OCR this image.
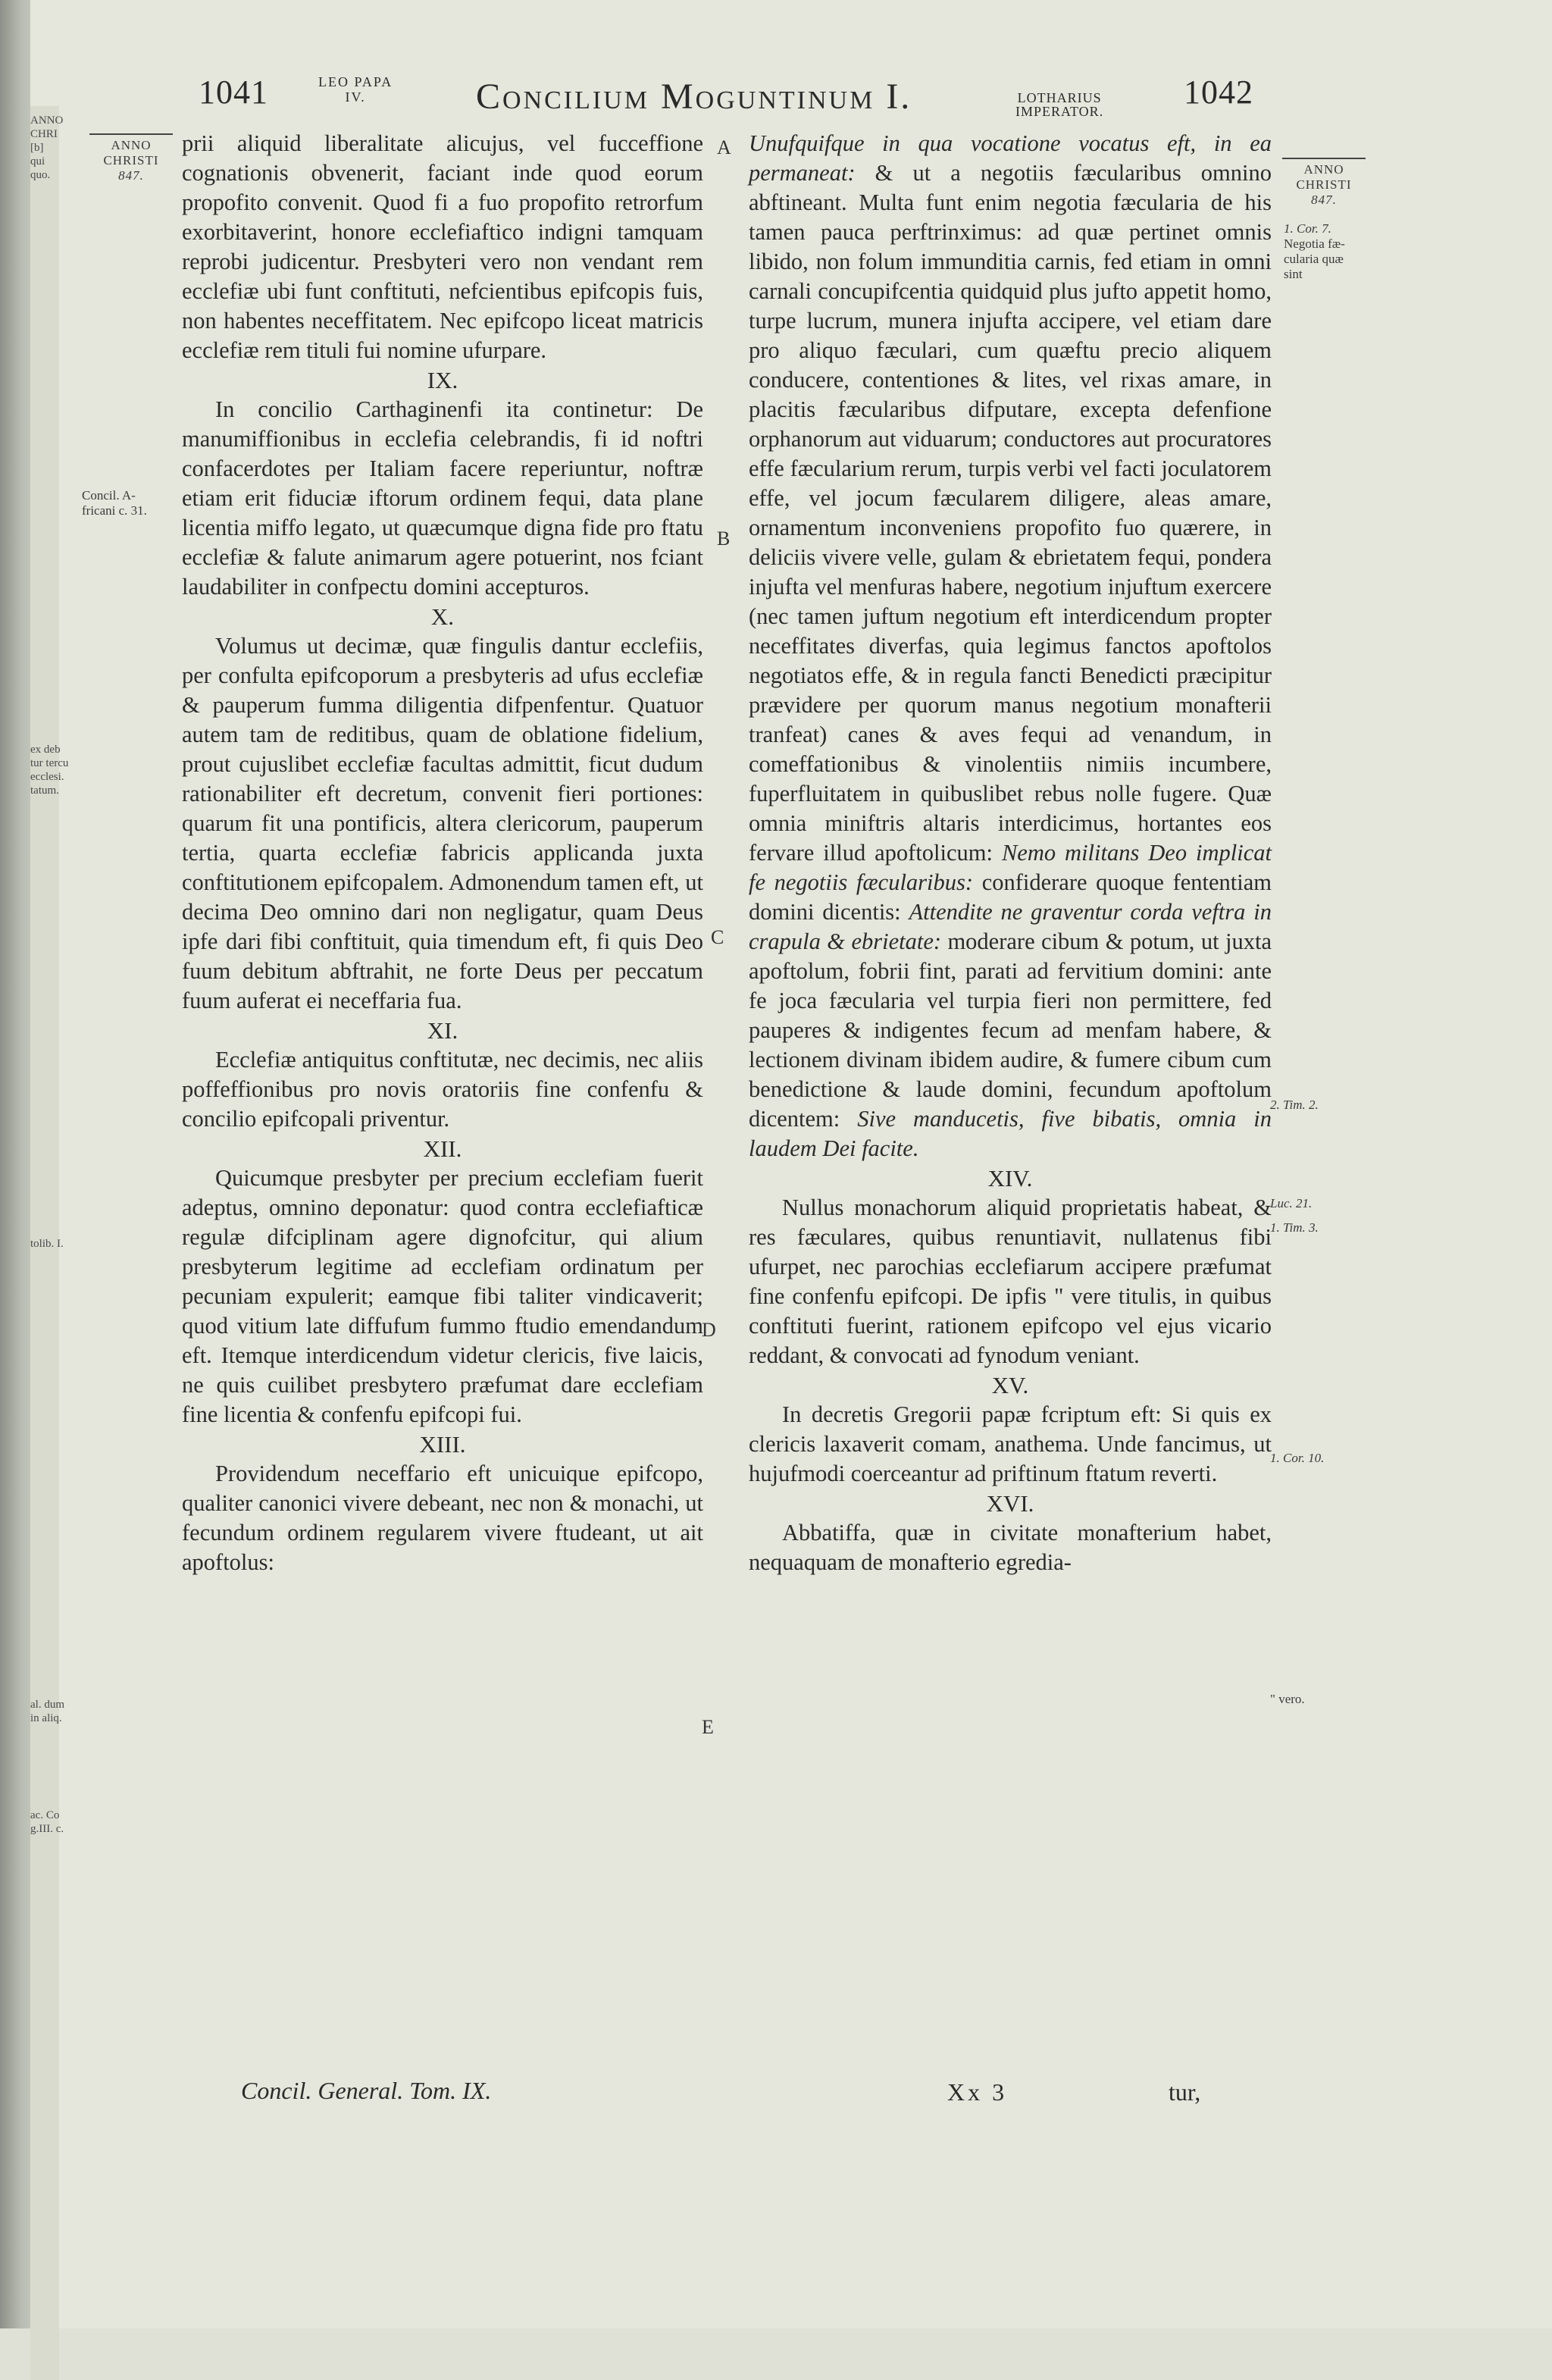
ANNO
CHRI
[b]
qui
quo.
ex deb
tur tercu
ecclesi.
tatum.
tolib. I.
al. dum
in aliq.
ac. Co
g.III. c.
1041	LEO PAPA
IV.	Concilium Moguntinum I.	LOTHARIUS
IMPERATOR.
1042
ANNO
CHRISTI
847.
Concil. A-
fricani c. 31.
ANNO
CHRISTI
847.
1. Cor. 7.
Negotia fæ-
cularia quæ
sint
2. Tim. 2.
Luc. 21.
1. Tim. 3.
1. Cor. 10.
" vero.
A
B
C
D
E

prii aliquid liberalitate alicujus, vel fucceffione cognationis obvenerit, faciant inde quod eorum propofito convenit. Quod fi a fuo propofito retrorfum exorbitaverint, honore ecclefiaftico indigni tamquam reprobi judicentur. Presbyteri vero non vendant rem ecclefiæ ubi funt conftituti, nefcientibus epifcopis fuis, non habentes neceffitatem. Nec epifcopo liceat matricis ecclefiæ rem tituli fui nomine ufurpare.

IX.

In concilio Carthaginenfi ita continetur: De manumiffionibus in ecclefia celebrandis, fi id noftri confacerdotes per Italiam facere reperiuntur, noftræ etiam erit fiduciæ iftorum ordinem fequi, data plane licentia miffo legato, ut quæcumque digna fide pro ftatu ecclefiæ & falute animarum agere potuerint, nos fciant laudabiliter in confpectu domini accepturos.

X.

Volumus ut decimæ, quæ fingulis dantur ecclefiis, per confulta epifcoporum a presbyteris ad ufus ecclefiæ & pauperum fumma diligentia difpenfentur. Quatuor autem tam de reditibus, quam de oblatione fidelium, prout cujuslibet ecclefiæ facultas admittit, ficut dudum rationabiliter eft decretum, convenit fieri portiones: quarum fit una pontificis, altera clericorum, pauperum tertia, quarta ecclefiæ fabricis applicanda juxta conftitutionem epifcopalem. Admonendum tamen eft, ut decima Deo omnino dari non negligatur, quam Deus ipfe dari fibi conftituit, quia timendum eft, fi quis Deo fuum debitum abftrahit, ne forte Deus per peccatum fuum auferat ei neceffaria fua.

XI.

Ecclefiæ antiquitus conftitutæ, nec decimis, nec aliis poffeffionibus pro novis oratoriis fine confenfu & concilio epifcopali priventur.

XII.

Quicumque presbyter per precium ecclefiam fuerit adeptus, omnino deponatur: quod contra ecclefiafticæ regulæ difciplinam agere dignofcitur, qui alium presbyterum legitime ad ecclefiam ordinatum per pecuniam expulerit; eamque fibi taliter vindicaverit; quod vitium late diffufum fummo ftudio emendandum eft. Itemque interdicendum videtur clericis, five laicis, ne quis cuilibet presbytero præfumat dare ecclefiam fine licentia & confenfu epifcopi fui.

XIII.

Providendum neceffario eft unicuique epifcopo, qualiter canonici vivere debeant, nec non & monachi, ut fecundum ordinem regularem vivere ftudeant, ut ait apoftolus:

Unufquifque in qua vocatione vocatus eft, in ea permaneat: & ut a negotiis fæcularibus omnino abftineant. Multa funt enim negotia fæcularia de his tamen pauca perftrinximus: ad quæ pertinet omnis libido, non folum immunditia carnis, fed etiam in omni carnali concupifcentia quidquid plus jufto appetit homo, turpe lucrum, munera injufta accipere, vel etiam dare pro aliquo fæculari, cum quæftu precio aliquem conducere, contentiones & lites, vel rixas amare, in placitis fæcularibus difputare, excepta defenfione orphanorum aut viduarum; conductores aut procuratores effe fæcularium rerum, turpis verbi vel facti joculatorem effe, vel jocum fæcularem diligere, aleas amare, ornamentum inconveniens propofito fuo quærere, in deliciis vivere velle, gulam & ebrietatem fequi, pondera injufta vel menfuras habere, negotium injuftum exercere (nec tamen juftum negotium eft interdicendum propter neceffitates diverfas, quia legimus fanctos apoftolos negotiatos effe, & in regula fancti Benedicti præcipitur prævidere per quorum manus negotium monafterii tranfeat) canes & aves fequi ad venandum, in comeffationibus & vinolentiis nimiis incumbere, fuperfluitatem in quibuslibet rebus nolle fugere. Quæ omnia miniftris altaris interdicimus, hortantes eos fervare illud apoftolicum: Nemo militans Deo implicat fe negotiis fæcularibus: confiderare quoque fententiam domini dicentis: Attendite ne graventur corda veftra in crapula & ebrietate: moderare cibum & potum, ut juxta apoftolum, fobrii fint, parati ad fervitium domini: ante fe joca fæcularia vel turpia fieri non permittere, fed pauperes & indigentes fecum ad menfam habere, & lectionem divinam ibidem audire, & fumere cibum cum benedictione & laude domini, fecundum apoftolum dicentem: Sive manducetis, five bibatis, omnia in laudem Dei facite.

XIV.

Nullus monachorum aliquid proprietatis habeat, & res fæculares, quibus renuntiavit, nullatenus fibi ufurpet, nec parochias ecclefiarum accipere præfumat fine confenfu epifcopi. De ipfis " vere titulis, in quibus conftituti fuerint, rationem epifcopo vel ejus vicario reddant, & convocati ad fynodum veniant.

XV.

In decretis Gregorii papæ fcriptum eft: Si quis ex clericis laxaverit comam, anathema. Unde fancimus, ut hujufmodi coerceantur ad priftinum ftatum reverti.

XVI.

Abbatiffa, quæ in civitate monafterium habet, nequaquam de monafterio egredia-

Concil. General. Tom. IX.	Xx 3	tur,
